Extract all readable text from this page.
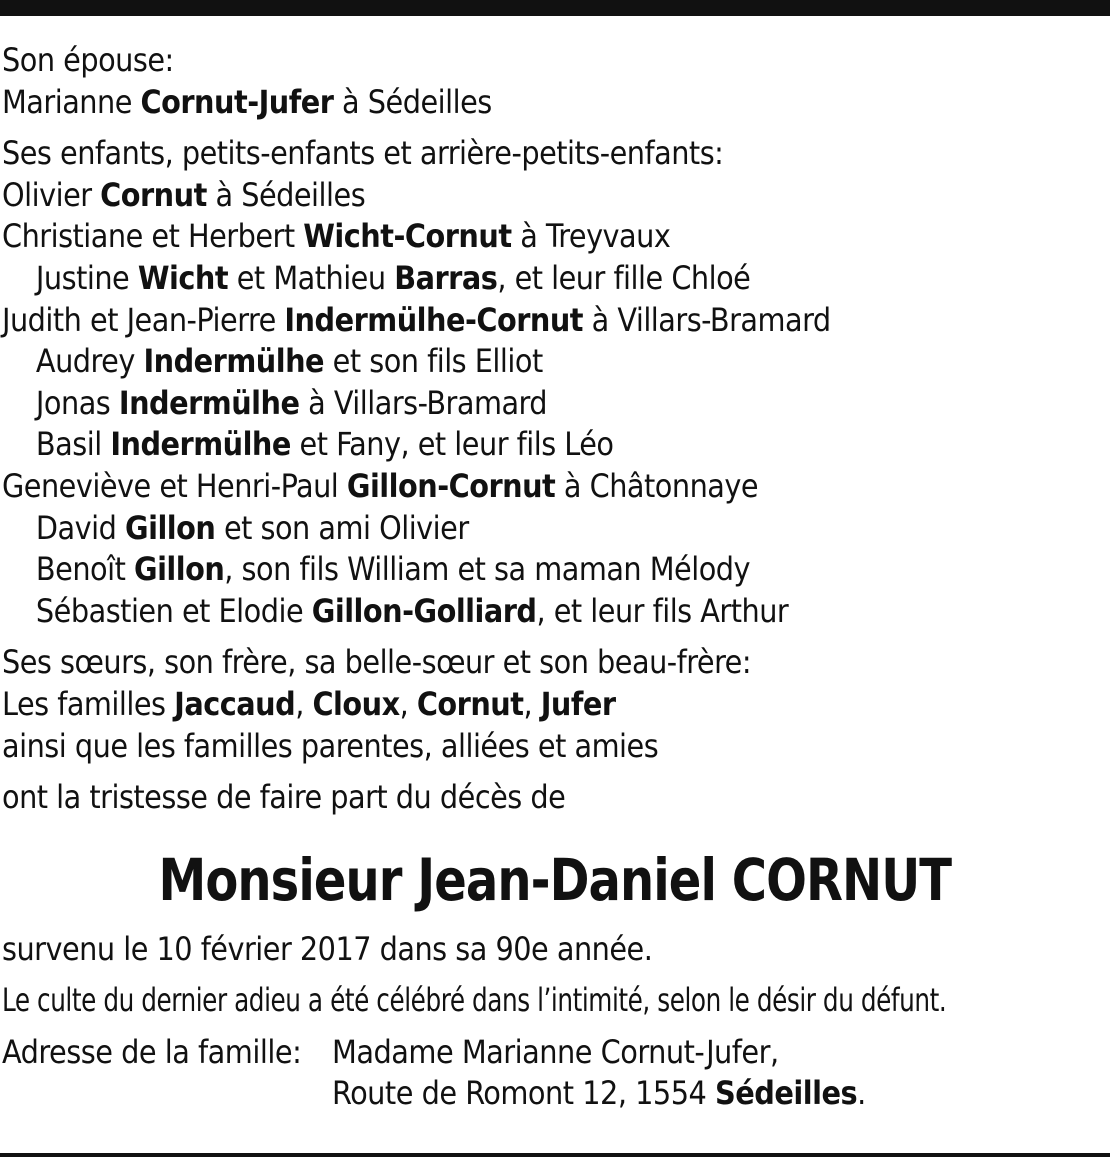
Son épouse:
Marianne Cornut-Jufer à Sédeilles
Ses enfants, petits-enfants et arrière-petits-enfants:
Olivier Cornut à Sédeilles
Christiane et Herbert Wicht-Cornut à Treyvaux
Justine Wicht et Mathieu Barras, et leur fille Chloé
Judith et Jean-Pierre Indermülhe-Cornut à Villars-Bramard
Audrey Indermülhe et son fils Elliot
Jonas Indermülhe à Villars-Bramard
Basil Indermülhe et Fany, et leur fils Léo
Geneviève et Henri-Paul Gillon-Cornut à Châtonnaye
David Gillon et son ami Olivier
Benoît Gillon, son fils William et sa maman Mélody
Sébastien et Elodie Gillon-Golliard, et leur fils Arthur
Ses sœurs, son frère, sa belle-sœur et son beau-frère:
Les familles Jaccaud, Cloux, Cornut, Jufer
ainsi que les familles parentes, alliées et amies
ont la tristesse de faire part du décès de
Monsieur Jean-Daniel CORNUT
survenu le 10 février 2017 dans sa 90e année.
Le culte du dernier adieu a été célébré dans l’intimité, selon le désir du défunt.
Adresse de la famille: Madame Marianne Cornut-Jufer,
Route de Romont 12, 1554 Sédeilles.
